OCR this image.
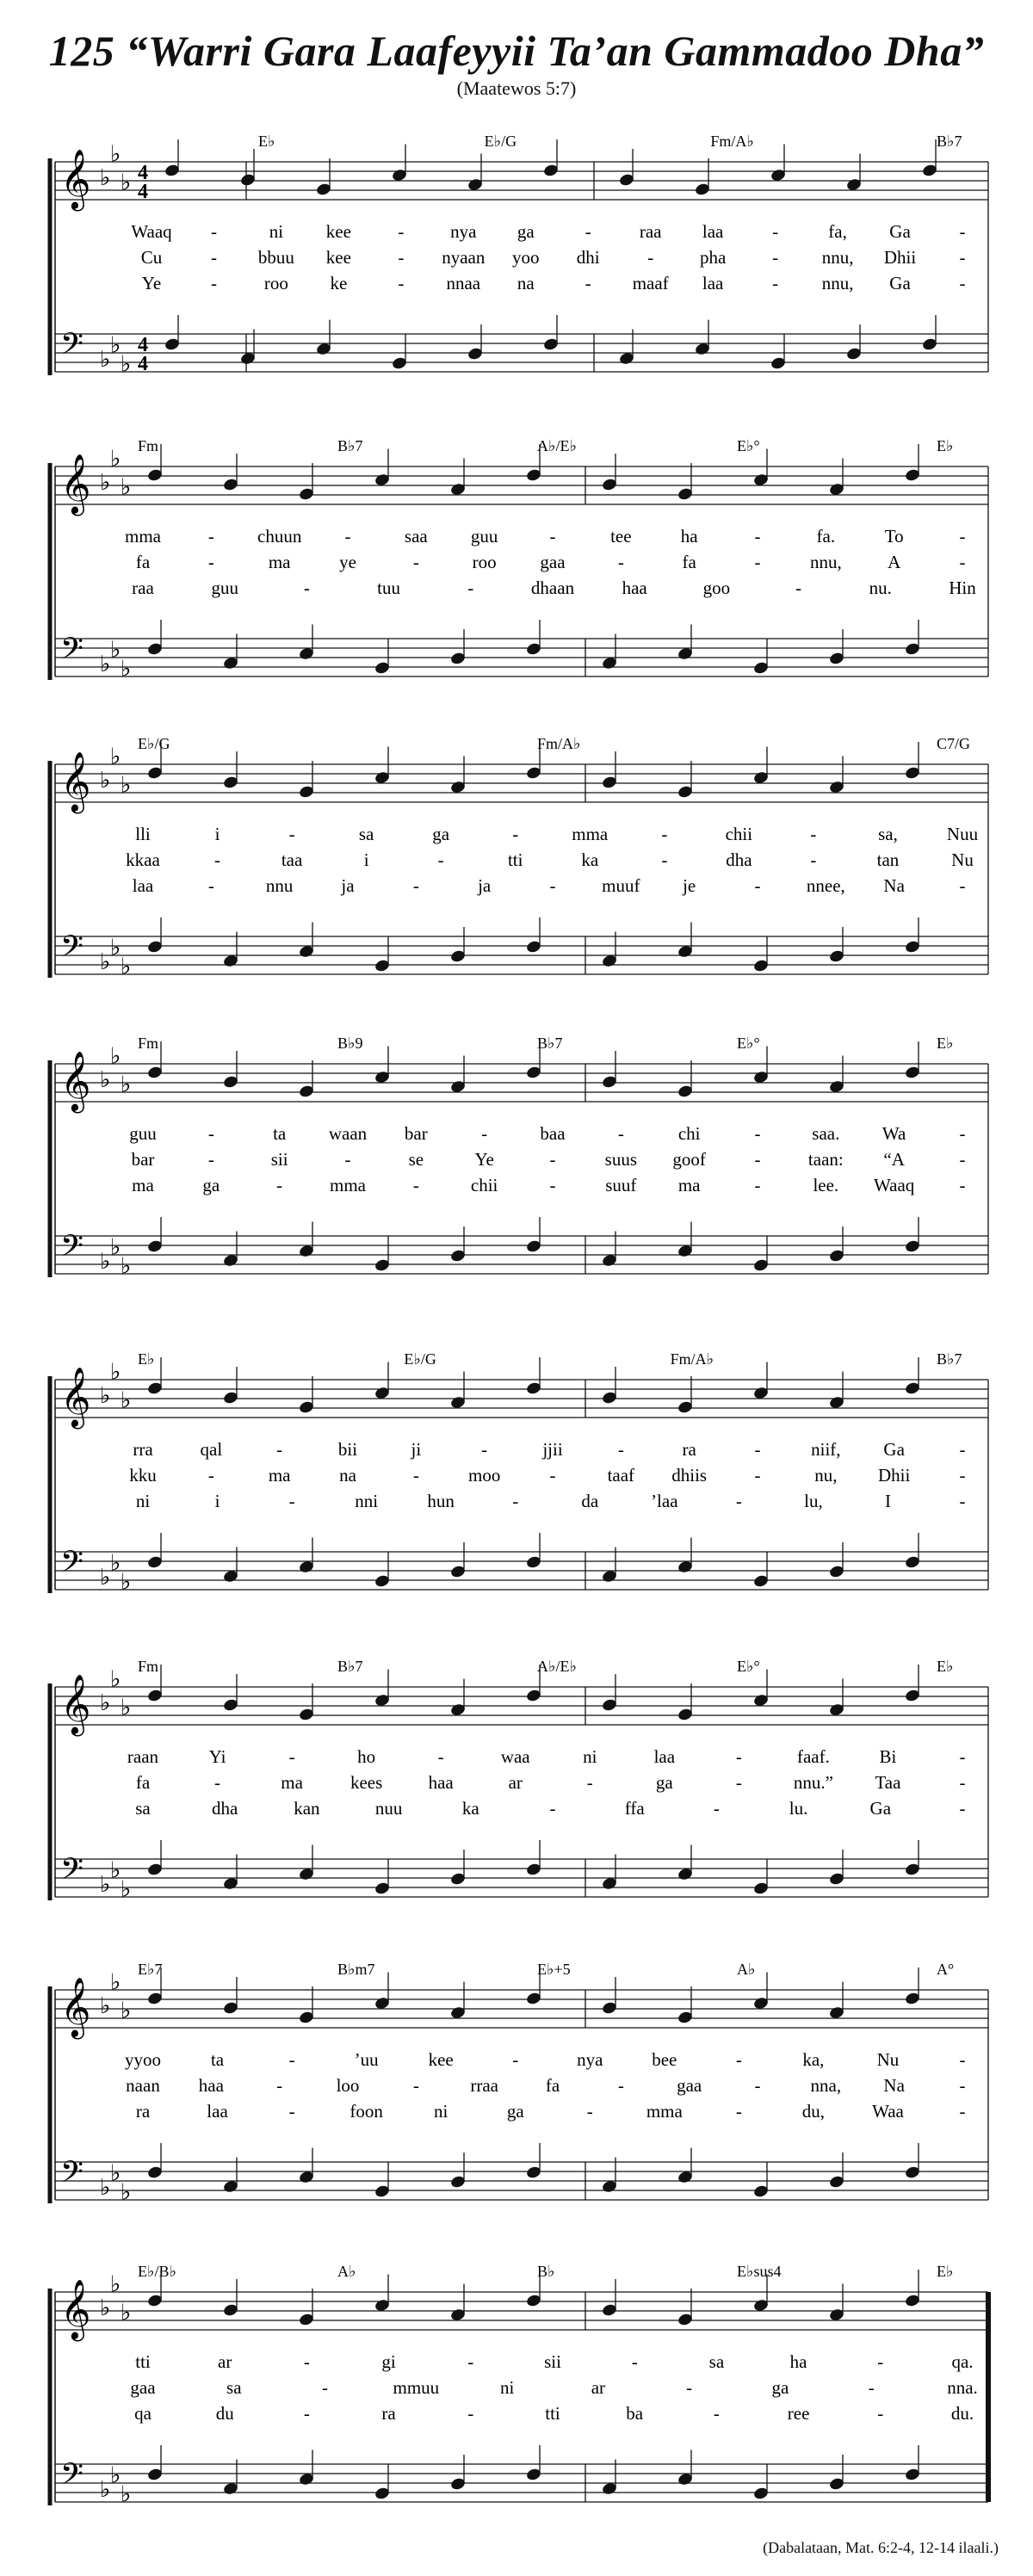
125 “Warri Gara Laafeyyii Ta’an Gammadoo Dha”
(Maatewos 5:7)
𝄞 ♭
♭
♭ 4
4
𝄢 ♭
♭
♭
4
4
E♭	E♭/G	Fm/A♭	B♭7
Waaq -	ni kee	-	nya ga	-	raa laa	-	fa, Ga	-
Cu	- bbuu kee	- nyaan yoo dhi	-	pha	- nnu, Dhii -
Ye	-	roo ke	- nnaa na	- maaf laa	- nnu, Ga	-
𝄞 ♭
♭
♭
𝄢 ♭
♭
♭
Fm	B♭7	A♭/E♭	E♭°	E♭
mma	- chuun -	saa guu	-	tee	ha	-	fa.	To	-
fa	-	ma	ye	-	roo gaa	-	fa	-	nnu,	A	-
raa	guu	-	tuu	-	dhaan	haa	goo	-	nu.	Hin
𝄞 ♭
♭
♭
𝄢 ♭
♭
♭
E♭/G	Fm/A♭	C7/G
lli	i	-	sa	ga	-	mma	-	chii	-	sa,	Nuu
kkaa	-	taa	i	-	tti	ka	-	dha	-	tan	Nu
laa	-	nnu	ja	-	ja	-	muuf je	-	nnee, Na	-
𝄞 ♭
♭
♭
𝄢 ♭
♭
♭
Fm	B♭9	B♭7	E♭°	E♭
guu	-	ta waan bar	-	baa	-	chi	-	saa. Wa	-
bar	-	sii	-	se	Ye	-	suus goof	-	taan: “A	-
ma	ga	-	mma	-	chii	-	suuf ma	-	lee. Waaq -
𝄞 ♭
♭
♭
𝄢 ♭
♭
♭
E♭	E♭/G	Fm/A♭	B♭7
rra	qal	-	bii	ji	-	jjii	-	ra	-	niif, Ga	-
kku	-	ma	na	-	moo	-	taaf dhiis	-	nu, Dhii	-
ni	i	-	nni	hun	-	da	’laa	-	lu,	I	-
𝄞 ♭
♭
♭
𝄢 ♭
♭
♭
Fm	B♭7	A♭/E♭	E♭°	E♭
raan	Yi	-	ho	-	waa	ni	laa	-	faaf.	Bi	-
fa	-	ma	kees	haa	ar	-	ga	-	nnu.” Taa	-
sa	dha	kan	nuu	ka	-	ffa	-	lu.	Ga	-
𝄞 ♭
♭
♭
𝄢 ♭
♭
♭
E♭7	B♭m7	E♭+5	A♭	A°
yyoo	ta	-	’uu	kee	-	nya	bee	-	ka,	Nu	-
naan haa	-	loo	-	rraa	fa	-	gaa	-	nna, Na	-
ra	laa	-	foon	ni	ga	-	mma	-	du,	Waa	-
𝄞 ♭
♭
♭
𝄢 ♭
♭
♭
E♭/B♭	A♭	B♭	E♭sus4	E♭
tti	ar	-	gi	-	sii	-	sa	ha	-	qa.
gaa	sa	-	mmuu	ni	ar	-	ga	-	nna.
qa	du	-	ra	-	tti	ba	-	ree	-	du.
(Dabalataan, Mat. 6:2-4, 12-14 ilaali.)
